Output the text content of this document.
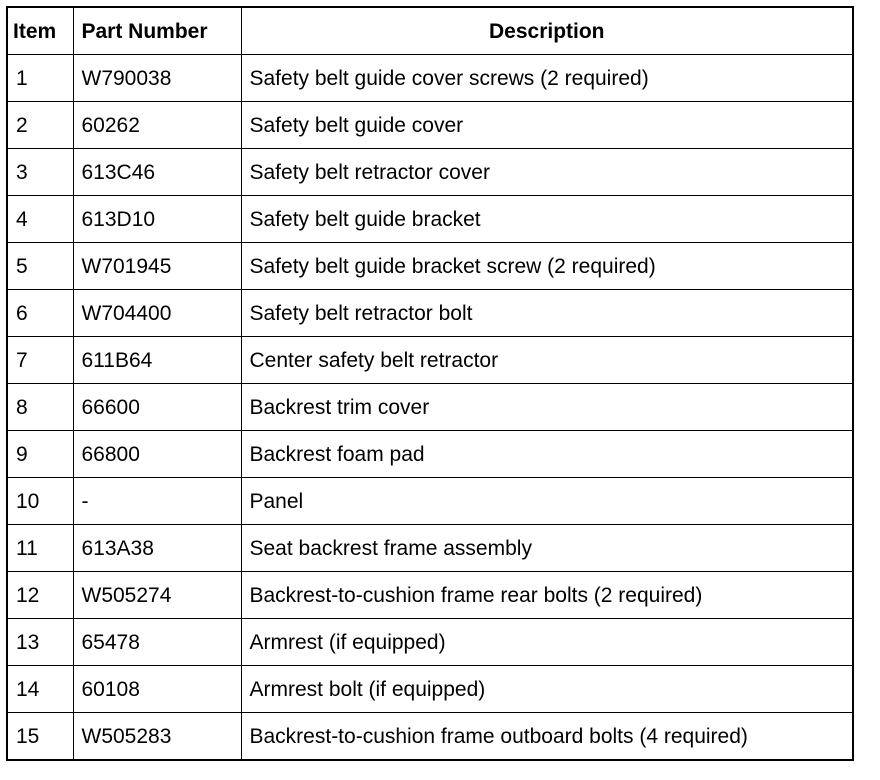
Item	Part Number	Description
1	W790038	Safety belt guide cover screws (2 required)
2	60262	Safety belt guide cover
3	613C46	Safety belt retractor cover
4	613D10	Safety belt guide bracket
5	W701945	Safety belt guide bracket screw (2 required)
6	W704400	Safety belt retractor bolt
7	611B64	Center safety belt retractor
8	66600	Backrest trim cover
9	66800	Backrest foam pad
10	-	Panel
11	613A38	Seat backrest frame assembly
12	W505274	Backrest-to-cushion frame rear bolts (2 required)
13	65478	Armrest (if equipped)
14	60108	Armrest bolt (if equipped)
15	W505283	Backrest-to-cushion frame outboard bolts (4 required)
